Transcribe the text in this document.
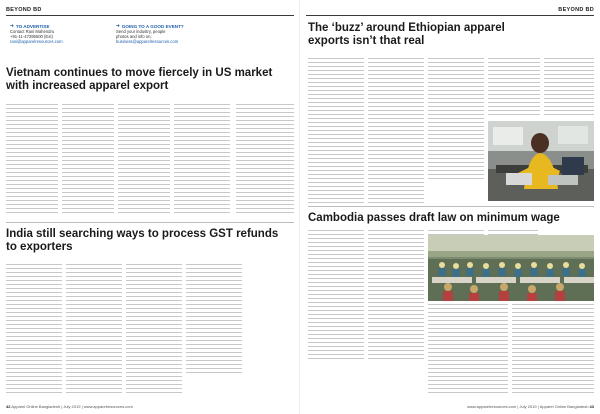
BEYOND BD
➜ TO ADVERTISE
Contact Rani Mahendru
+91-11-47395500 (Ext)
rani@apparelresources.com
➜ GOING TO A GOOD EVENT?
Send your industry, people
photos and info on:
business@apparelresources.com
Vietnam continues to move fiercely in US market with increased apparel export
India still searching ways to process GST refunds to exporters
42 Apparel Online Bangladesh | July 2019 | www.apparelresources.com
BEYOND BD
The ‘buzz’ around Ethiopian apparel exports isn’t that real
Cambodia passes draft law on minimum wage
www.apparelresources.com | July 2019 | Apparel Online Bangladesh 43
